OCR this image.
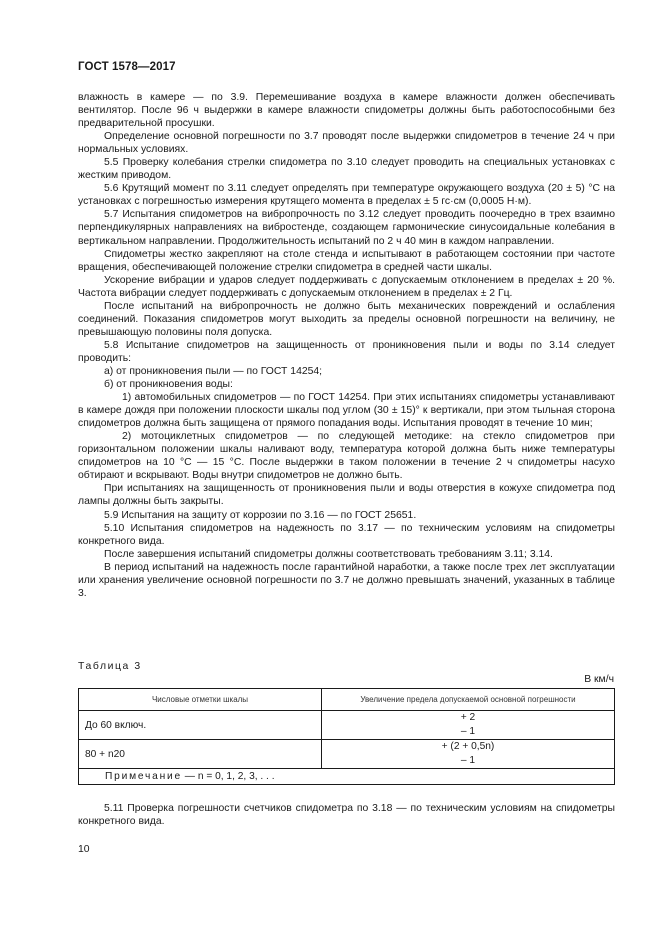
ГОСТ 1578—2017

влажность в камере — по 3.9. Перемешивание воздуха в камере влажности должен обеспечивать вентилятор. После 96 ч выдержки в камере влажности спидометры должны быть работоспособными без предварительной просушки.

Определение основной погрешности по 3.7 проводят после выдержки спидометров в течение 24 ч при нормальных условиях.

5.5 Проверку колебания стрелки спидометра по 3.10 следует проводить на специальных установках с жестким приводом.

5.6 Крутящий момент по 3.11 следует определять при температуре окружающего воздуха (20 ± 5) °С на установках с погрешностью измерения крутящего момента в пределах ± 5 гс·см (0,0005 Н·м).

5.7 Испытания спидометров на вибропрочность по 3.12 следует проводить поочередно в трех взаимно перпендикулярных направлениях на вибростенде, создающем гармонические синусоидальные колебания в вертикальном направлении. Продолжительность испытаний по 2 ч 40 мин в каждом направлении.

Спидометры жестко закрепляют на столе стенда и испытывают в работающем состоянии при частоте вращения, обеспечивающей положение стрелки спидометра в средней части шкалы.

Ускорение вибрации и ударов следует поддерживать с допускаемым отклонением в пределах ± 20 %. Частота вибрации следует поддерживать с допускаемым отклонением в пределах ± 2 Гц.

После испытаний на вибропрочность не должно быть механических повреждений и ослабления соединений. Показания спидометров могут выходить за пределы основной погрешности на величину, не превышающую половины поля допуска.

5.8 Испытание спидометров на защищенность от проникновения пыли и воды по 3.14 следует проводить:

а) от проникновения пыли — по ГОСТ 14254;

б) от проникновения воды:

1) автомобильных спидометров — по ГОСТ 14254. При этих испытаниях спидометры устанавливают в камере дождя при положении плоскости шкалы под углом (30 ± 15)° к вертикали, при этом тыльная сторона спидометров должна быть защищена от прямого попадания воды. Испытания проводят в течение 10 мин;

2) мотоциклетных спидометров — по следующей методике: на стекло спидометров при горизонтальном положении шкалы наливают воду, температура которой должна быть ниже температуры спидометров на 10 °С — 15 °С. После выдержки в таком положении в течение 2 ч спидометры насухо обтирают и вскрывают. Воды внутри спидометров не должно быть.

При испытаниях на защищенность от проникновения пыли и воды отверстия в кожухе спидометра под лампы должны быть закрыты.

5.9 Испытания на защиту от коррозии по 3.16 — по ГОСТ 25651.

5.10 Испытания спидометров на надежность по 3.17 — по техническим условиям на спидометры конкретного вида.

После завершения испытаний спидометры должны соответствовать требованиям 3.11; 3.14.

В период испытаний на надежность после гарантийной наработки, а также после трех лет эксплуатации или хранения увеличение основной погрешности по 3.7 не должно превышать значений, указанных в таблице 3.

Таблица 3
В км/ч
Числовые отметки шкалы	Увеличение предела допускаемой основной погрешности
До 60 включ.	+ 2
– 1

80 + n20	+ (2 + 0,5n)
– 1

Примечание — n = 0, 1, 2, 3, . . .	

5.11 Проверка погрешности счетчиков спидометра по 3.18 — по техническим условиям на спидометры конкретного вида.

10
